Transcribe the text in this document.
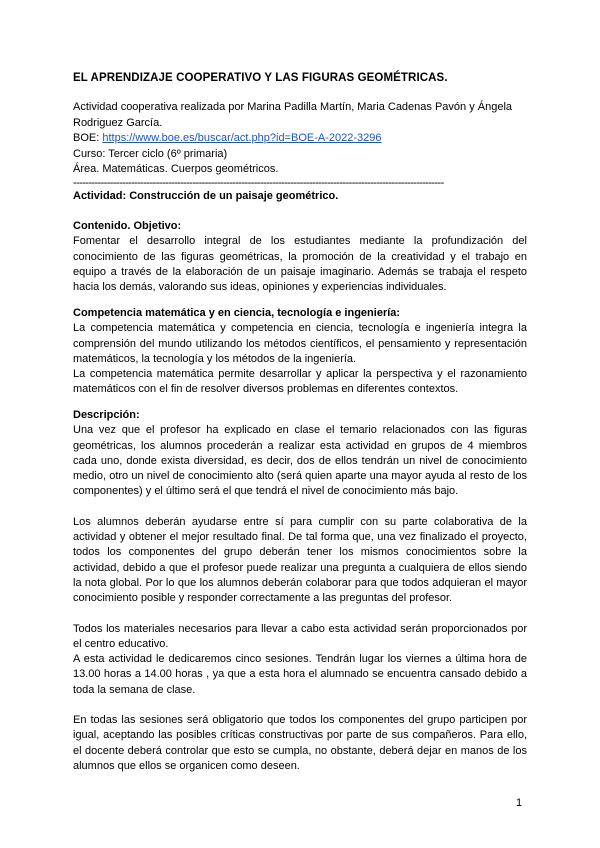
EL APRENDIZAJE COOPERATIVO Y LAS FIGURAS GEOMÉTRICAS.

Actividad cooperativa realizada por Marina Padilla Martín, Maria Cadenas Pavón y Ángela Rodriguez García.

BOE: https://www.boe.es/buscar/act.php?id=BOE-A-2022-3296

Curso: Tercer ciclo (6º primaria)

Área. Matemáticas. Cuerpos geométricos.

-------------------------------------------------------------------------------------------------------------------------

Actividad: Construcción de un paisaje geométrico.
Contenido. Objetivo:

Fomentar el desarrollo integral de los estudiantes mediante la profundización del conocimiento de las figuras geométricas, la promoción de la creatividad y el trabajo en equipo a través de la elaboración de un paisaje imaginario. Además se trabaja el respeto hacia los demás, valorando sus ideas, opiniones y experiencias individuales.

Competencia matemática y en ciencia, tecnología e ingeniería:

La competencia matemática y competencia en ciencia, tecnología e ingeniería integra la comprensión del mundo utilizando los métodos científicos, el pensamiento y representación matemáticos, la tecnología y los métodos de la ingeniería.

La competencia matemática permite desarrollar y aplicar la perspectiva y el razonamiento matemáticos con el fin de resolver diversos problemas en diferentes contextos.

Descripción:

Una vez que el profesor ha explicado en clase el temario relacionados con las figuras geométricas, los alumnos procederán a realizar esta actividad en grupos de 4 miembros cada uno, donde exista diversidad, es decir, dos de ellos tendrán un nivel de conocimiento medio, otro un nivel de conocimiento alto (será quien aparte una mayor ayuda al resto de los componentes) y el último será el que tendrá el nivel de conocimiento más bajo.

Los alumnos deberán ayudarse entre sí para cumplir con su parte colaborativa de la actividad y obtener el mejor resultado final. De tal forma que, una vez finalizado el proyecto, todos los componentes del grupo deberán tener los mismos conocimientos sobre la actividad, debido a que el profesor puede realizar una pregunta a cualquiera de ellos siendo la nota global. Por lo que los alumnos deberán colaborar para que todos adquieran el mayor conocimiento posible y responder correctamente a las preguntas del profesor.

Todos los materiales necesarios para llevar a cabo esta actividad serán proporcionados por el centro educativo.

A esta actividad le dedicaremos cinco sesiones. Tendrán lugar los viernes a última hora de 13.00 horas a 14.00 horas , ya que a esta hora el alumnado se encuentra cansado debido a toda la semana de clase.

En todas las sesiones será obligatorio que todos los componentes del grupo participen por igual, aceptando las posibles críticas constructivas por parte de sus compañeros. Para ello, el docente deberá controlar que esto se cumpla, no obstante, deberá dejar en manos de los alumnos que ellos se organicen como deseen.

1
